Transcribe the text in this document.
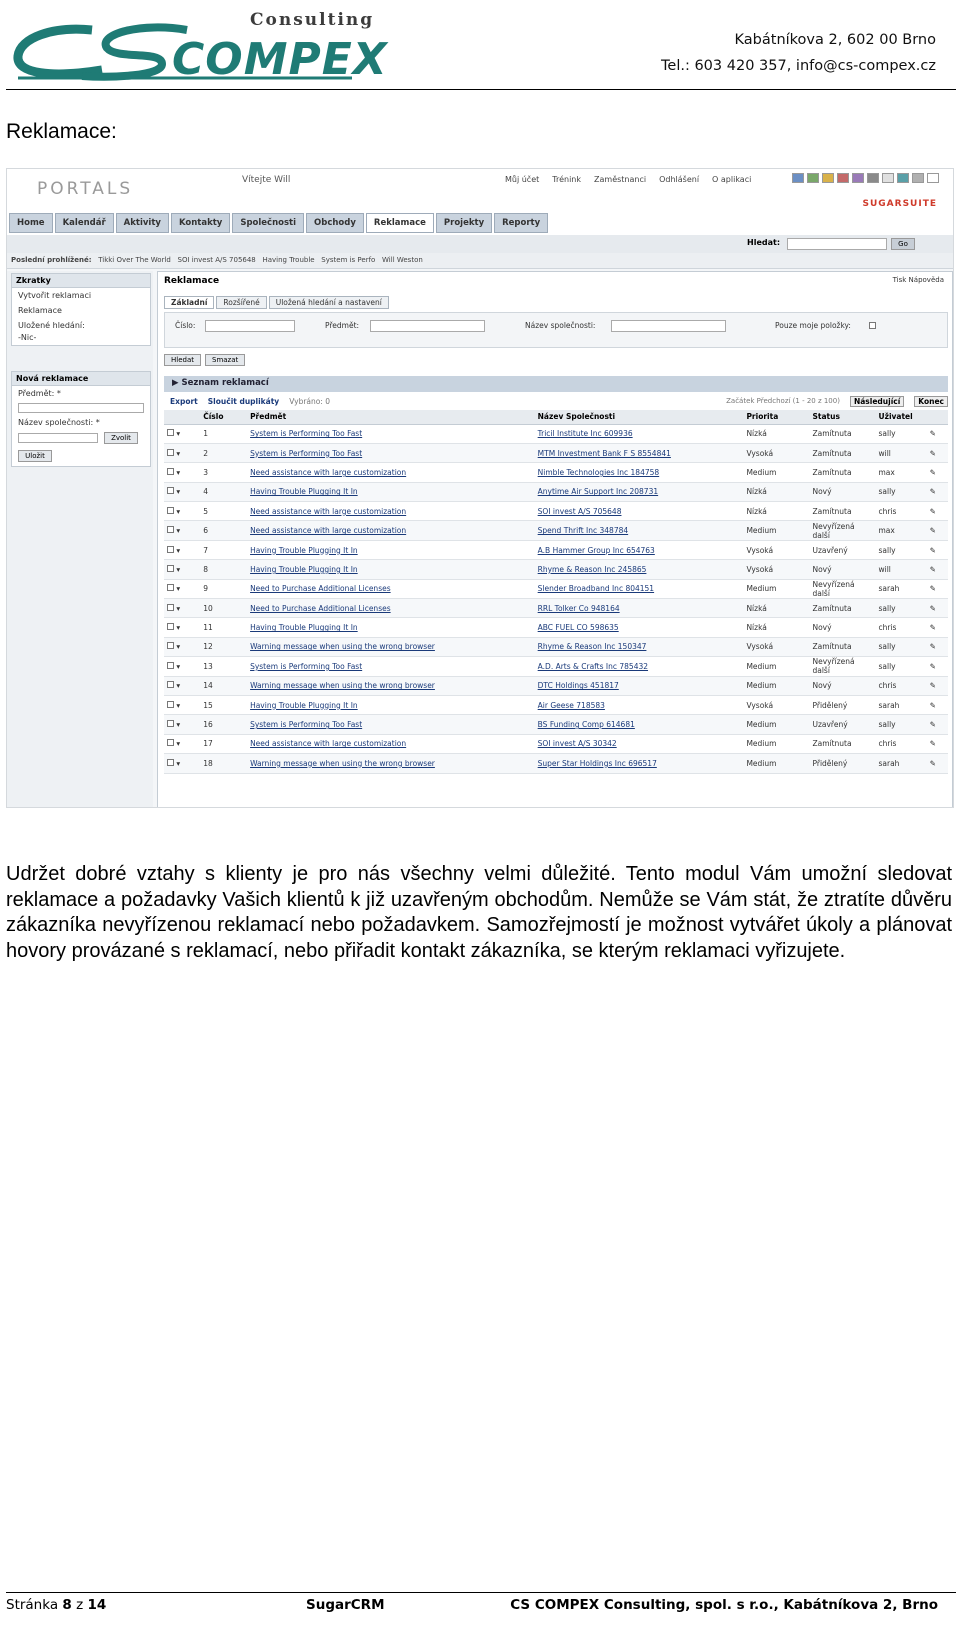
Consulting
COMPEX	Kabátníkova 2, 602 00 Brno
Tel.: 603 420 357, info@cs-compex.cz
Reklamace:
PORTALS	Vítejte Will	Můj účet Trénink Zaměstnanci Odhlášení O aplikaci
SUGARSUITE
Home	Kalendář	Aktivity	Kontakty	Společnosti	Obchody	Reklamace	Projekty	Reporty
Hledat:	Go
Poslední prohlížené: Tikki Over The World SOI invest A/S 705648 Having Trouble System is Perfo Will Weston
Zkratky
Vytvořit reklamaci
Reklamace
Uložené hledání:
-Nic-
Nová reklamace
Předmět: *
Název společnosti: *
Zvolit
Uložit
Reklamace	Tisk Nápověda
Základní	Rozšířené	Uložená hledání a nastavení
Číslo:	Předmět:	Název společnosti:	Pouze moje položky:
Hledat	Smazat
▶ Seznam reklamací
Export Sloučit duplikáty Vybráno: 0	Začátek Předchozí (1 - 20 z 100)	Následující	Konec
	Číslo	Předmět	Název Společnosti	Priorita	Status	Uživatel	
▾	1	System is Performing Too Fast	Tricil Institute Inc 609936	Nízká	Zamítnuta	sally	✎
▾	2	System is Performing Too Fast	MTM Investment Bank F S 8554841	Vysoká	Zamítnuta	will	✎
▾	3	Need assistance with large customization	Nimble Technologies Inc 184758	Medium	Zamítnuta	max	✎
▾	4	Having Trouble Plugging It In	Anytime Air Support Inc 208731	Nízká	Nový	sally	✎
▾	5	Need assistance with large customization	SOI invest A/S 705648	Nízká	Zamítnuta	chris	✎
▾	6	Need assistance with large customization	Spend Thrift Inc 348784	Medium	Nevyřízená další	max	✎
▾	7	Having Trouble Plugging It In	A.B Hammer Group Inc 654763	Vysoká	Uzavřený	sally	✎
▾	8	Having Trouble Plugging It In	Rhyme & Reason Inc 245865	Vysoká	Nový	will	✎
▾	9	Need to Purchase Additional Licenses	Slender Broadband Inc 804151	Medium	Nevyřízená další	sarah	✎
▾	10	Need to Purchase Additional Licenses	RRL Tolker Co 948164	Nízká	Zamítnuta	sally	✎
▾	11	Having Trouble Plugging It In	ABC FUEL CO 598635	Nízká	Nový	chris	✎
▾	12	Warning message when using the wrong browser	Rhyme & Reason Inc 150347	Vysoká	Zamítnuta	sally	✎
▾	13	System is Performing Too Fast	A.D. Arts & Crafts Inc 785432	Medium	Nevyřízená další	sally	✎
▾	14	Warning message when using the wrong browser	DTC Holdings 451817	Medium	Nový	chris	✎
▾	15	Having Trouble Plugging It In	Air Geese 718583	Vysoká	Přidělený	sarah	✎
▾	16	System is Performing Too Fast	BS Funding Comp 614681	Medium	Uzavřený	sally	✎
▾	17	Need assistance with large customization	SOI invest A/S 30342	Medium	Zamítnuta	chris	✎
▾	18	Warning message when using the wrong browser	Super Star Holdings Inc 696517	Medium	Přidělený	sarah	✎

Udržet dobré vztahy s klienty je pro nás všechny velmi důležité. Tento modul Vám umožní sledovat reklamace a požadavky Vašich klientů k již uzavřeným obchodům. Nemůže se Vám stát, že ztratíte důvěru zákazníka nevyřízenou reklamací nebo požadavkem. Samozřejmostí je možnost vytvářet úkoly a plánovat hovory provázané s reklamací, nebo přiřadit kontakt zákazníka, se kterým reklamaci vyřizujete.

Stránka 8 z 14	SugarCRM	CS COMPEX Consulting, spol. s r.o., Kabátníkova 2, Brno
